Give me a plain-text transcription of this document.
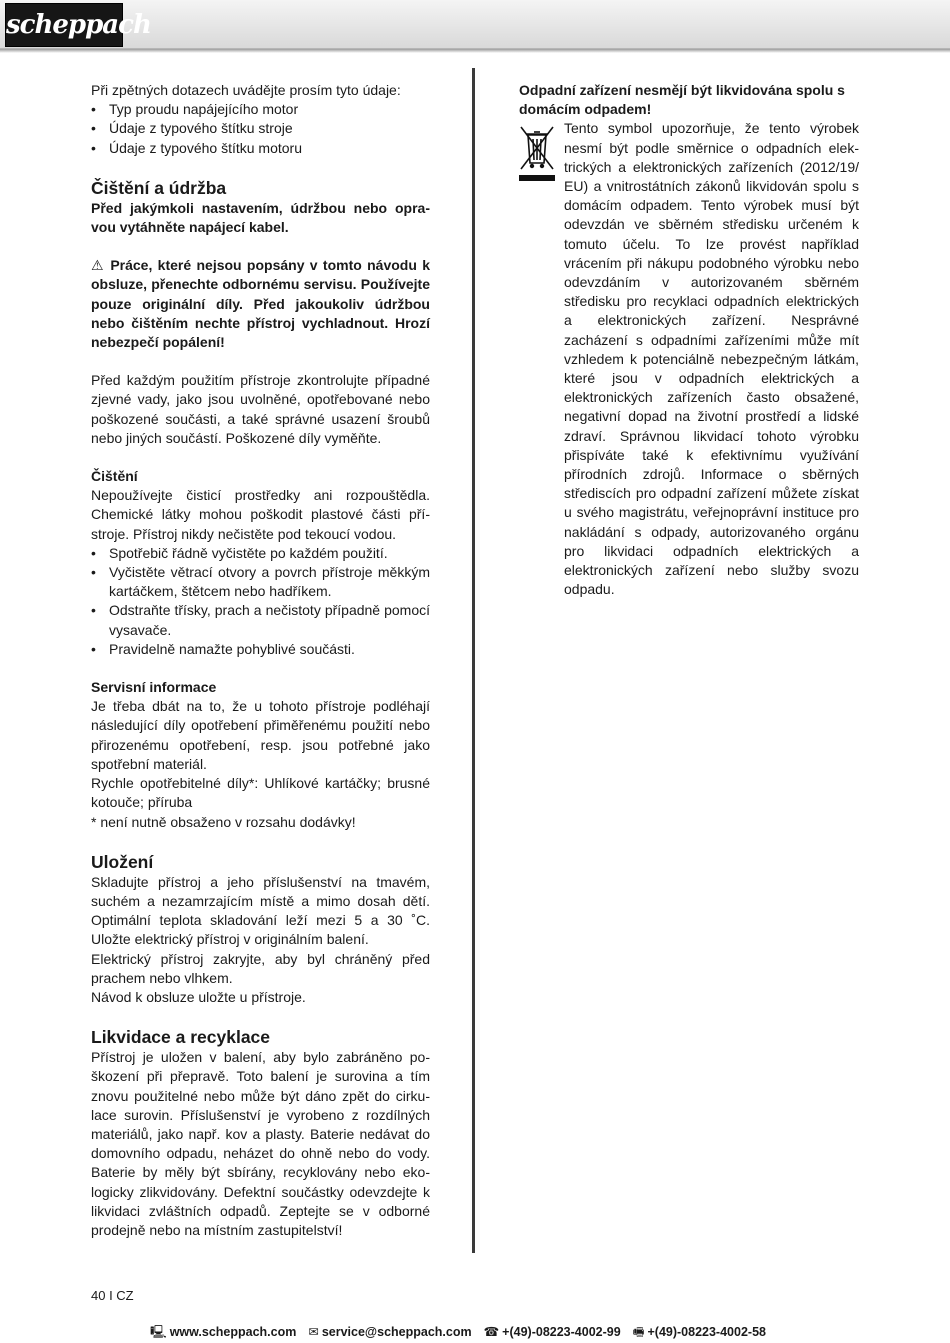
scheppach

Při zpětných dotazech uvádějte prosím tyto údaje:

• Typ proudu napájejícího motor
• Údaje z typového štítku stroje
• Údaje z typového štítku motoru
Čištění a údržba

Před jakýmkoli nastavením, údržbou nebo opravou vytáhněte napájecí kabel.

⚠ Práce, které nejsou popsány v tomto návodu k obsluze, přenechte odbornému servisu. Používejte pouze originální díly. Před jakoukoliv údržbou nebo čištěním nechte přístroj vychladnout. Hrozí nebezpečí popálení!

Před každým použitím přístroje zkontrolujte případné zjevné vady, jako jsou uvolněné, opotřebované nebo poškozené součásti, a také správné usazení šroubů nebo jiných součástí. Poškozené díly vyměňte.

Čištění

Nepoužívejte čisticí prostředky ani rozpouštědla. Chemické látky mohou poškodit plastové části přístroje. Přístroj nikdy nečistěte pod tekoucí vodou.

• Spotřebič řádně vyčistěte po každém použití.
• Vyčistěte větrací otvory a povrch přístroje měkkým kartáčkem, štětcem nebo hadříkem.
• Odstraňte třísky, prach a nečistoty případně pomocí vysavače.
• Pravidelně namažte pohyblivé součásti.
Servisní informace

Je třeba dbát na to, že u tohoto přístroje podléhají následující díly opotřebení přiměřenému použití nebo přirozenému opotřebení, resp. jsou potřebné jako spotřební materiál.

Rychle opotřebitelné díly*: Uhlíkové kartáčky; brusné kotouče; příruba

* není nutně obsaženo v rozsahu dodávky!

Uložení

Skladujte přístroj a jeho příslušenství na tmavém, suchém a nezamrzajícím místě a mimo dosah dětí. Optimální teplota skladování leží mezi 5 a 30 ˚C. Uložte elektrický přístroj v originálním balení.

Elektrický přístroj zakryjte, aby byl chráněný před prachem nebo vlhkem.

Návod k obsluze uložte u přístroje.

Likvidace a recyklace

Přístroj je uložen v balení, aby bylo zabráněno poškození při přepravě. Toto balení je surovina a tím znovu použitelné nebo může být dáno zpět do cirkulace surovin. Příslušenství je vyrobeno z rozdílných materiálů, jako např. kov a plasty. Baterie nedávat do domovního odpadu, neházet do ohně nebo do vody. Baterie by měly být sbírány, recyklovány nebo ekologicky zlikvidovány. Defektní součástky odevzdejte k likvidaci zvláštních odpadů. Zeptejte se v odborné prodejně nebo na místním zastupitelství!

Odpadní zařízení nesmějí být likvidována spolu s domácím odpadem!

Tento symbol upozorňuje, že tento výrobek nesmí být podle směrnice o odpadních elektrických a elektronických zařízeních (2012/19/ EU) a vnitrostátních zákonů likvidován spolu s domácím odpadem. Tento výrobek musí být odevzdán ve sběrném středisku určeném k tomuto účelu. To lze provést například vrácením při nákupu podobného výrobku nebo odevzdáním v autorizovaném sběrném středisku pro recyklaci odpadních elektrických a elektronických zařízení. Nesprávné zacházení s odpadními zařízeními může mít vzhledem k potenciálně nebezpečným látkám, které jsou v odpadních elektrických a elektronických zařízeních často obsažené, negativní dopad na životní prostředí a lidské zdraví. Správnou likvidací tohoto výrobku přispíváte také k efektivnímu využívání přírodních zdrojů. Informace o sběrných střediscích pro odpadní zařízení můžete získat u svého magistrátu, veřejnoprávní instituce pro nakládání s odpady, autorizovaného orgánu pro likvidaci odpadních elektrických a elektronických zařízení nebo služby svozu odpadu.

40 I CZ
🖳 www.scheppach.com ✉ service@scheppach.com ☎ +(49)-08223-4002-99 🖷 +(49)-08223-4002-58
